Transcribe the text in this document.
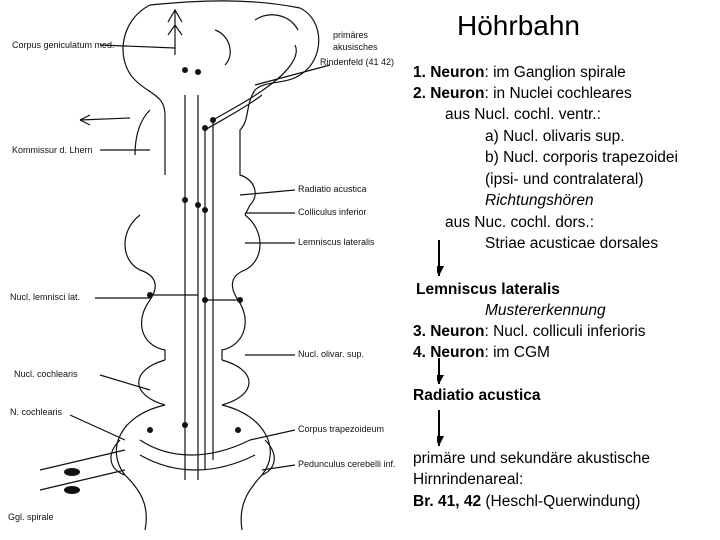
Corpus geniculatum med.
primäres
akusisches
Rindenfeld (41 42)
Kommissur d. Lhern
Radiatio acustica
Colliculus inferior
Lemniscus lateralis
Nucl. lemnisci lat.
Nucl. olivar. sup.
Nucl. cochlearis
N. cochlearis
Corpus trapezoideum
Pedunculus cerebelli inf.
Ggl. spirale
Höhrbahn
1. Neuron: im Ganglion spirale
2. Neuron: in Nuclei cochleares
aus Nucl. cochl. ventr.:
a) Nucl. olivaris sup.
b) Nucl. corporis trapezoidei
(ipsi- und contralateral)
Richtungshören
aus Nuc. cochl. dors.:
Striae acusticae dorsales
Lemniscus lateralis
Mustererkennung
3. Neuron: Nucl. colliculi inferioris
4. Neuron: im CGM
Radiatio acustica
primäre und sekundäre akustische
Hirnrindenareal:
Br. 41, 42 (Heschl-Querwindung)
